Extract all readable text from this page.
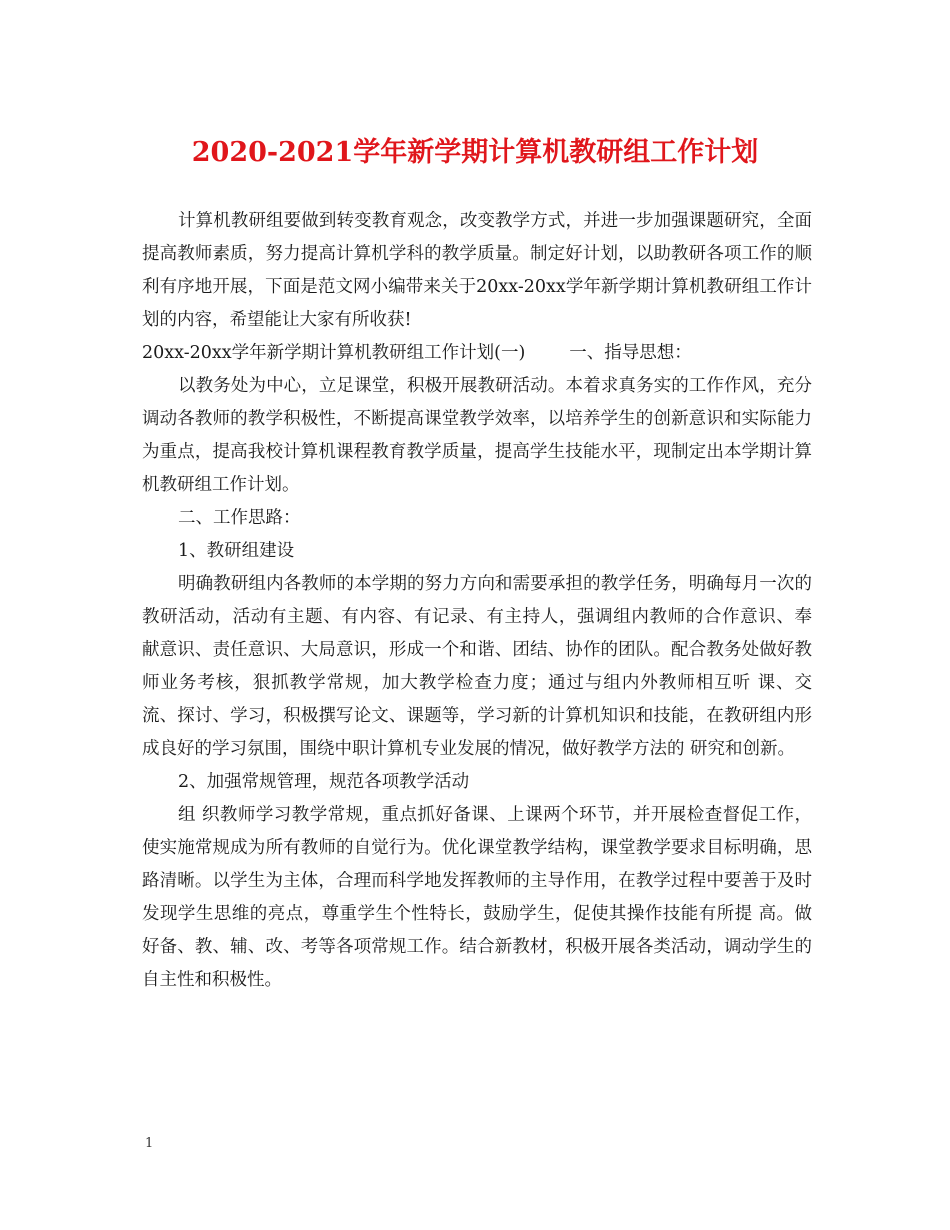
2020-2021学年新学期计算机教研组工作计划

计算机教研组要做到转变教育观念，改变教学方式，并进一步加强课题研究，全面提高教师素质，努力提高计算机学科的教学质量。制定好计划，以助教研各项工作的顺利有序地开展，下面是范文网小编带来关于20xx-20xx学年新学期计算机教研组工作计划的内容，希望能让大家有所收获!

20xx-20xx学年新学期计算机教研组工作计划(一)	一、指导思想：

以教务处为中心，立足课堂，积极开展教研活动。本着求真务实的工作作风，充分调动各教师的教学积极性，不断提高课堂教学效率，以培养学生的创新意识和实际能力为重点，提高我校计算机课程教育教学质量，提高学生技能水平，现制定出本学期计算机教研组工作计划。

二、工作思路：

1、教研组建设

明确教研组内各教师的本学期的努力方向和需要承担的教学任务，明确每月一次的教研活动，活动有主题、有内容、有记录、有主持人，强调组内教师的合作意识、奉 献意识、责任意识、大局意识，形成一个和谐、团结、协作的团队。配合教务处做好教师业务考核，狠抓教学常规，加大教学检查力度；通过与组内外教师相互听 课、交流、探讨、学习，积极撰写论文、课题等，学习新的计算机知识和技能，在教研组内形成良好的学习氛围，围绕中职计算机专业发展的情况，做好教学方法的 研究和创新。

2、加强常规管理，规范各项教学活动

组 织教师学习教学常规，重点抓好备课、上课两个环节，并开展检查督促工作，使实施常规成为所有教师的自觉行为。优化课堂教学结构，课堂教学要求目标明确，思 路清晰。以学生为主体，合理而科学地发挥教师的主导作用，在教学过程中要善于及时发现学生思维的亮点，尊重学生个性特长，鼓励学生，促使其操作技能有所提 高。做好备、教、辅、改、考等各项常规工作。结合新教材，积极开展各类活动，调动学生的自主性和积极性。

1
